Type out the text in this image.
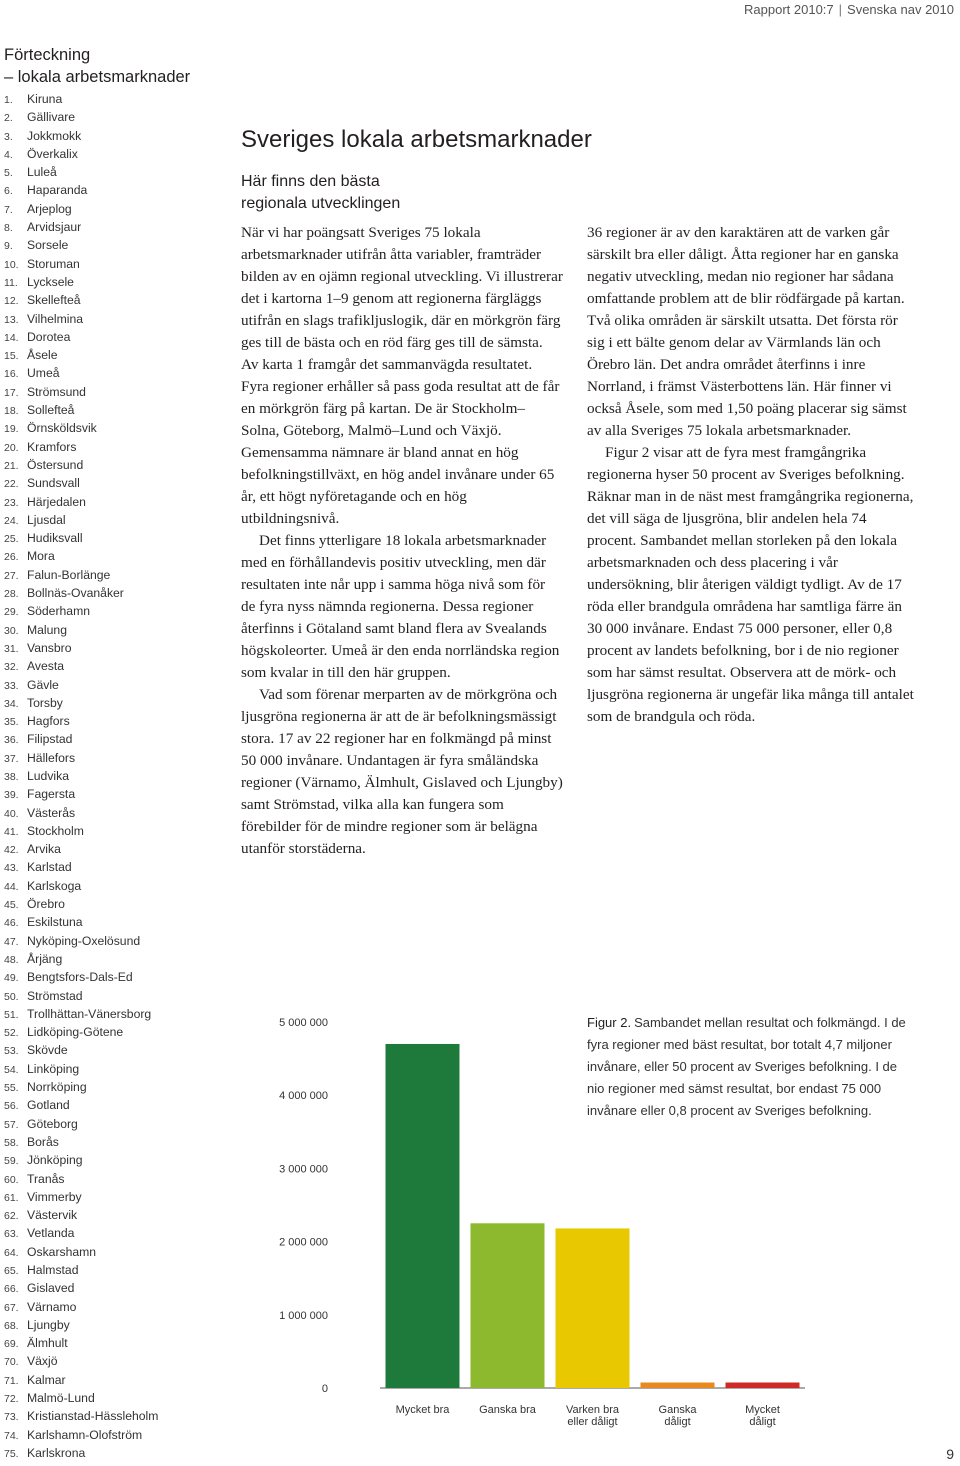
Rapport 2010:7 | Svenska nav 2010
Förteckning
– lokala arbetsmarknader
1. Kiruna
2. Gällivare
3. Jokkmokk
4. Överkalix
5. Luleå
6. Haparanda
7. Arjeplog
8. Arvidsjaur
9. Sorsele
10. Storuman
11. Lycksele
12. Skellefteå
13. Vilhelmina
14. Dorotea
15. Åsele
16. Umeå
17. Strömsund
18. Sollefteå
19. Örnsköldsvik
20. Kramfors
21. Östersund
22. Sundsvall
23. Härjedalen
24. Ljusdal
25. Hudiksvall
26. Mora
27. Falun-Borlänge
28. Bollnäs-Ovanåker
29. Söderhamn
30. Malung
31. Vansbro
32. Avesta
33. Gävle
34. Torsby
35. Hagfors
36. Filipstad
37. Hällefors
38. Ludvika
39. Fagersta
40. Västerås
41. Stockholm
42. Arvika
43. Karlstad
44. Karlskoga
45. Örebro
46. Eskilstuna
47. Nyköping-Oxelösund
48. Årjäng
49. Bengtsfors-Dals-Ed
50. Strömstad
51. Trollhättan-Vänersborg
52. Lidköping-Götene
53. Skövde
54. Linköping
55. Norrköping
56. Gotland
57. Göteborg
58. Borås
59. Jönköping
60. Tranås
61. Vimmerby
62. Västervik
63. Vetlanda
64. Oskarshamn
65. Halmstad
66. Gislaved
67. Värnamo
68. Ljungby
69. Älmhult
70. Växjö
71. Kalmar
72. Malmö-Lund
73. Kristianstad-Hässleholm
74. Karlshamn-Olofström
75. Karlskrona
Sveriges lokala arbetsmarknader
Här finns den bästa
regionala utvecklingen

När vi har poängsatt Sveriges 75 lokala arbetsmarknader utifrån åtta variabler, framträder bilden av en ojämn regional utveckling. Vi illustrerar det i kartorna 1–9 genom att regionerna färgläggs utifrån en slags trafikljuslogik, där en mörkgrön färg ges till de bästa och en röd färg ges till de sämsta. Av karta 1 framgår det sammanvägda resultatet. Fyra regioner erhåller så pass goda resultat att de får en mörkgrön färg på kartan. De är Stockholm–Solna, Göteborg, Malmö–Lund och Växjö. Gemensamma nämnare är bland annat en hög befolkningstillväxt, en hög andel invånare under 65 år, ett högt nyföretagande och en hög utbildningsnivå.

Det finns ytterligare 18 lokala arbetsmarknader med en förhållandevis positiv utveckling, men där resultaten inte når upp i samma höga nivå som för de fyra nyss nämnda regionerna. Dessa regioner återfinns i Götaland samt bland flera av Svealands högskoleorter. Umeå är den enda norrländska region som kvalar in till den här gruppen.

Vad som förenar merparten av de mörkgröna och ljusgröna regionerna är att de är befolkningsmässigt stora. 17 av 22 regioner har en folkmängd på minst 50 000 invånare. Undantagen är fyra småländska regioner (Värnamo, Älmhult, Gislaved och Ljungby) samt Strömstad, vilka alla kan fungera som förebilder för de mindre regioner som är belägna utanför storstäderna.

36 regioner är av den karaktären att de varken går särskilt bra eller dåligt. Åtta regioner har en ganska negativ utveckling, medan nio regioner har sådana omfattande problem att de blir rödfärgade på kartan. Två olika områden är särskilt utsatta. Det första rör sig i ett bälte genom delar av Värmlands län och Örebro län. Det andra området återfinns i inre Norrland, i främst Västerbottens län. Här finner vi också Åsele, som med 1,50 poäng placerar sig sämst av alla Sveriges 75 lokala arbetsmarknader.

Figur 2 visar att de fyra mest framgångrika regionerna hyser 50 procent av Sveriges befolkning. Räknar man in de näst mest framgångrika regionerna, det vill säga de ljusgröna, blir andelen hela 74 procent. Sambandet mellan storleken på den lokala arbetsmarknaden och dess placering i vår undersökning, blir återigen väldigt tydligt. Av de 17 röda eller brandgula områdena har samtliga färre än 30 000 invånare. Endast 75 000 personer, eller 0,8 procent av landets befolkning, bor i de nio regioner som har sämst resultat. Observera att de mörk- och ljusgröna regionerna är ungefär lika många till antalet som de brandgula och röda.

Figur 2. Sambandet mellan resultat och folkmängd. I de fyra regioner med bäst resultat, bor totalt 4,7 miljoner invånare, eller 50 procent av Sveriges befolkning. I de nio regioner med sämst resultat, bor endast 75 000 invånare eller 0,8 procent av Sveriges befolkning.
0
1 000 000
2 000 000
3 000 000
4 000 000
5 000 000
Mycket bra	Ganska bra	Varken bra
eller dåligt
Ganska
dåligt
Mycket
dåligt
9
